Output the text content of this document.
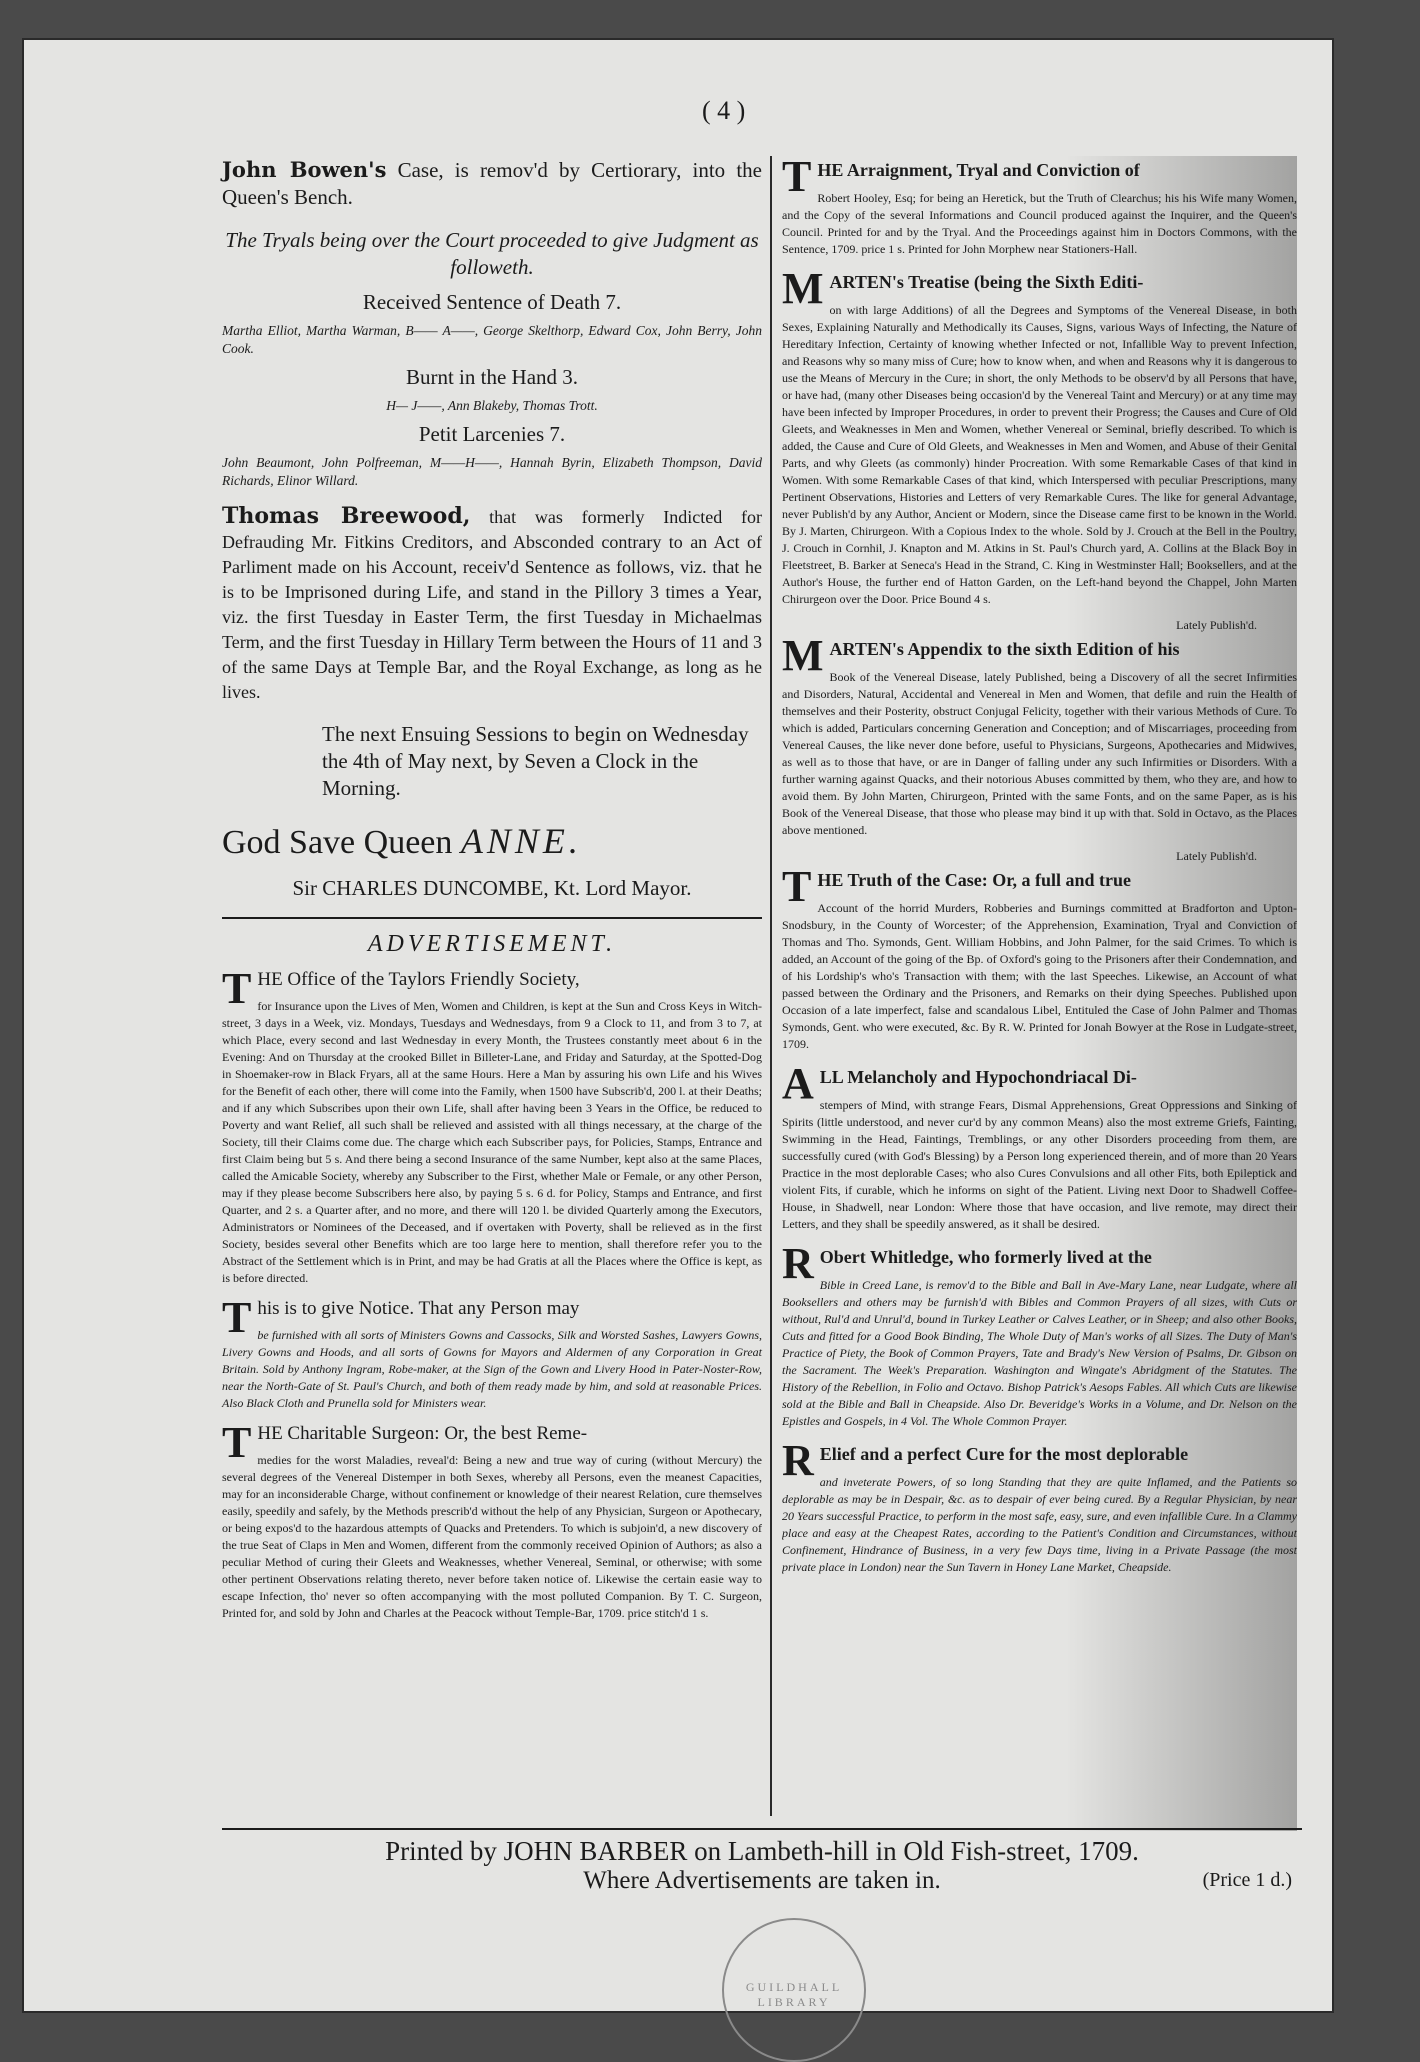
( 4 )

John Bowen's Case, is remov'd by Certiorary, into the Queen's Bench.

The Tryals being over the Court proceeded to give Judgment as followeth.

Received Sentence of Death 7.

Martha Elliot, Martha Warman, B—— A——, George Skelthorp, Edward Cox, John Berry, John Cook.

Burnt in the Hand 3.

H— J——, Ann Blakeby, Thomas Trott.

Petit Larcenies 7.

John Beaumont, John Polfreeman, M——H——, Hannah Byrin, Elizabeth Thompson, David Richards, Elinor Willard.

Thomas Breewood, that was formerly Indicted for Defrauding Mr. Fitkins Creditors, and Absconded contrary to an Act of Parliment made on his Account, receiv'd Sentence as follows, viz. that he is to be Imprisoned during Life, and stand in the Pillory 3 times a Year, viz. the first Tuesday in Easter Term, the first Tuesday in Michaelmas Term, and the first Tuesday in Hillary Term between the Hours of 11 and 3 of the same Days at Temple Bar, and the Royal Exchange, as long as he lives.

The next Ensuing Sessions to begin on Wednesday the 4th of May next, by Seven a Clock in the Morning.

God Save Queen ANNE.

Sir CHARLES DUNCOMBE, Kt. Lord Mayor.

ADVERTISEMENT.
T HE Office of the Taylors Friendly Society,

for Insurance upon the Lives of Men, Women and Children, is kept at the Sun and Cross Keys in Witch-street, 3 days in a Week, viz. Mondays, Tuesdays and Wednesdays, from 9 a Clock to 11, and from 3 to 7, at which Place, every second and last Wednesday in every Month, the Trustees constantly meet about 6 in the Evening: And on Thursday at the crooked Billet in Billeter-Lane, and Friday and Saturday, at the Spotted-Dog in Shoemaker-row in Black Fryars, all at the same Hours. Here a Man by assuring his own Life and his Wives for the Benefit of each other, there will come into the Family, when 1500 have Subscrib'd, 200 l. at their Deaths; and if any which Subscribes upon their own Life, shall after having been 3 Years in the Office, be reduced to Poverty and want Relief, all such shall be relieved and assisted with all things necessary, at the charge of the Society, till their Claims come due. The charge which each Subscriber pays, for Policies, Stamps, Entrance and first Claim being but 5 s. And there being a second Insurance of the same Number, kept also at the same Places, called the Amicable Society, whereby any Subscriber to the First, whether Male or Female, or any other Person, may if they please become Subscribers here also, by paying 5 s. 6 d. for Policy, Stamps and Entrance, and first Quarter, and 2 s. a Quarter after, and no more, and there will 120 l. be divided Quarterly among the Executors, Administrators or Nominees of the Deceased, and if overtaken with Poverty, shall be relieved as in the first Society, besides several other Benefits which are too large here to mention, shall therefore refer you to the Abstract of the Settlement which is in Print, and may be had Gratis at all the Places where the Office is kept, as is before directed.

T his is to give Notice. That any Person may

be furnished with all sorts of Ministers Gowns and Cassocks, Silk and Worsted Sashes, Lawyers Gowns, Livery Gowns and Hoods, and all sorts of Gowns for Mayors and Aldermen of any Corporation in Great Britain. Sold by Anthony Ingram, Robe-maker, at the Sign of the Gown and Livery Hood in Pater-Noster-Row, near the North-Gate of St. Paul's Church, and both of them ready made by him, and sold at reasonable Prices. Also Black Cloth and Prunella sold for Ministers wear.

T HE Charitable Surgeon: Or, the best Reme-

medies for the worst Maladies, reveal'd: Being a new and true way of curing (without Mercury) the several degrees of the Venereal Distemper in both Sexes, whereby all Persons, even the meanest Capacities, may for an inconsiderable Charge, without confinement or knowledge of their nearest Relation, cure themselves easily, speedily and safely, by the Methods prescrib'd without the help of any Physician, Surgeon or Apothecary, or being expos'd to the hazardous attempts of Quacks and Pretenders. To which is subjoin'd, a new discovery of the true Seat of Claps in Men and Women, different from the commonly received Opinion of Authors; as also a peculiar Method of curing their Gleets and Weaknesses, whether Venereal, Seminal, or otherwise; with some other pertinent Observations relating thereto, never before taken notice of. Likewise the certain easie way to escape Infection, tho' never so often accompanying with the most polluted Companion. By T. C. Surgeon, Printed for, and sold by John and Charles at the Peacock without Temple-Bar, 1709. price stitch'd 1 s.

T HE Arraignment, Tryal and Conviction of

Robert Hooley, Esq; for being an Heretick, but the Truth of Clearchus; his his Wife many Women, and the Copy of the several Informations and Council produced against the Inquirer, and the Queen's Council. Printed for and by the Tryal. And the Proceedings against him in Doctors Commons, with the Sentence, 1709. price 1 s. Printed for John Morphew near Stationers-Hall.

M ARTEN's Treatise (being the Sixth Editi-

on with large Additions) of all the Degrees and Symptoms of the Venereal Disease, in both Sexes, Explaining Naturally and Methodically its Causes, Signs, various Ways of Infecting, the Nature of Hereditary Infection, Certainty of knowing whether Infected or not, Infallible Way to prevent Infection, and Reasons why so many miss of Cure; how to know when, and when and Reasons why it is dangerous to use the Means of Mercury in the Cure; in short, the only Methods to be observ'd by all Persons that have, or have had, (many other Diseases being occasion'd by the Venereal Taint and Mercury) or at any time may have been infected by Improper Procedures, in order to prevent their Progress; the Causes and Cure of Old Gleets, and Weaknesses in Men and Women, whether Venereal or Seminal, briefly described. To which is added, the Cause and Cure of Old Gleets, and Weaknesses in Men and Women, and Abuse of their Genital Parts, and why Gleets (as commonly) hinder Procreation. With some Remarkable Cases of that kind in Women. With some Remarkable Cases of that kind, which Interspersed with peculiar Prescriptions, many Pertinent Observations, Histories and Letters of very Remarkable Cures. The like for general Advantage, never Publish'd by any Author, Ancient or Modern, since the Disease came first to be known in the World. By J. Marten, Chirurgeon. With a Copious Index to the whole. Sold by J. Crouch at the Bell in the Poultry, J. Crouch in Cornhil, J. Knapton and M. Atkins in St. Paul's Church yard, A. Collins at the Black Boy in Fleetstreet, B. Barker at Seneca's Head in the Strand, C. King in Westminster Hall; Booksellers, and at the Author's House, the further end of Hatton Garden, on the Left-hand beyond the Chappel, John Marten Chirurgeon over the Door. Price Bound 4 s.

Lately Publish'd.

M ARTEN's Appendix to the sixth Edition of his

Book of the Venereal Disease, lately Published, being a Discovery of all the secret Infirmities and Disorders, Natural, Accidental and Venereal in Men and Women, that defile and ruin the Health of themselves and their Posterity, obstruct Conjugal Felicity, together with their various Methods of Cure. To which is added, Particulars concerning Generation and Conception; and of Miscarriages, proceeding from Venereal Causes, the like never done before, useful to Physicians, Surgeons, Apothecaries and Midwives, as well as to those that have, or are in Danger of falling under any such Infirmities or Disorders. With a further warning against Quacks, and their notorious Abuses committed by them, who they are, and how to avoid them. By John Marten, Chirurgeon, Printed with the same Fonts, and on the same Paper, as is his Book of the Venereal Disease, that those who please may bind it up with that. Sold in Octavo, as the Places above mentioned.

Lately Publish'd.

T HE Truth of the Case: Or, a full and true

Account of the horrid Murders, Robberies and Burnings committed at Bradforton and Upton-Snodsbury, in the County of Worcester; of the Apprehension, Examination, Tryal and Conviction of Thomas and Tho. Symonds, Gent. William Hobbins, and John Palmer, for the said Crimes. To which is added, an Account of the going of the Bp. of Oxford's going to the Prisoners after their Condemnation, and of his Lordship's who's Transaction with them; with the last Speeches. Likewise, an Account of what passed between the Ordinary and the Prisoners, and Remarks on their dying Speeches. Published upon Occasion of a late imperfect, false and scandalous Libel, Entituled the Case of John Palmer and Thomas Symonds, Gent. who were executed, &c. By R. W. Printed for Jonah Bowyer at the Rose in Ludgate-street, 1709.

A LL Melancholy and Hypochondriacal Di-

stempers of Mind, with strange Fears, Dismal Apprehensions, Great Oppressions and Sinking of Spirits (little understood, and never cur'd by any common Means) also the most extreme Griefs, Fainting, Swimming in the Head, Faintings, Tremblings, or any other Disorders proceeding from them, are successfully cured (with God's Blessing) by a Person long experienced therein, and of more than 20 Years Practice in the most deplorable Cases; who also Cures Convulsions and all other Fits, both Epileptick and violent Fits, if curable, which he informs on sight of the Patient. Living next Door to Shadwell Coffee-House, in Shadwell, near London: Where those that have occasion, and live remote, may direct their Letters, and they shall be speedily answered, as it shall be desired.

R Obert Whitledge, who formerly lived at the

Bible in Creed Lane, is remov'd to the Bible and Ball in Ave-Mary Lane, near Ludgate, where all Booksellers and others may be furnish'd with Bibles and Common Prayers of all sizes, with Cuts or without, Rul'd and Unrul'd, bound in Turkey Leather or Calves Leather, or in Sheep; and also other Books, Cuts and fitted for a Good Book Binding, The Whole Duty of Man's works of all Sizes. The Duty of Man's Practice of Piety, the Book of Common Prayers, Tate and Brady's New Version of Psalms, Dr. Gibson on the Sacrament. The Week's Preparation. Washington and Wingate's Abridgment of the Statutes. The History of the Rebellion, in Folio and Octavo. Bishop Patrick's Aesops Fables. All which Cuts are likewise sold at the Bible and Ball in Cheapside. Also Dr. Beveridge's Works in a Volume, and Dr. Nelson on the Epistles and Gospels, in 4 Vol. The Whole Common Prayer.

R Elief and a perfect Cure for the most deplorable

and inveterate Powers, of so long Standing that they are quite Inflamed, and the Patients so deplorable as may be in Despair, &c. as to despair of ever being cured. By a Regular Physician, by near 20 Years successful Practice, to perform in the most safe, easy, sure, and even infallible Cure. In a Clammy place and easy at the Cheapest Rates, according to the Patient's Condition and Circumstances, without Confinement, Hindrance of Business, in a very few Days time, living in a Private Passage (the most private place in London) near the Sun Tavern in Honey Lane Market, Cheapside.

Printed by JOHN BARBER on Lambeth-hill in Old Fish-street, 1709.
Where Advertisements are taken in.	(Price 1 d.)
GUILDHALL LIBRARY
